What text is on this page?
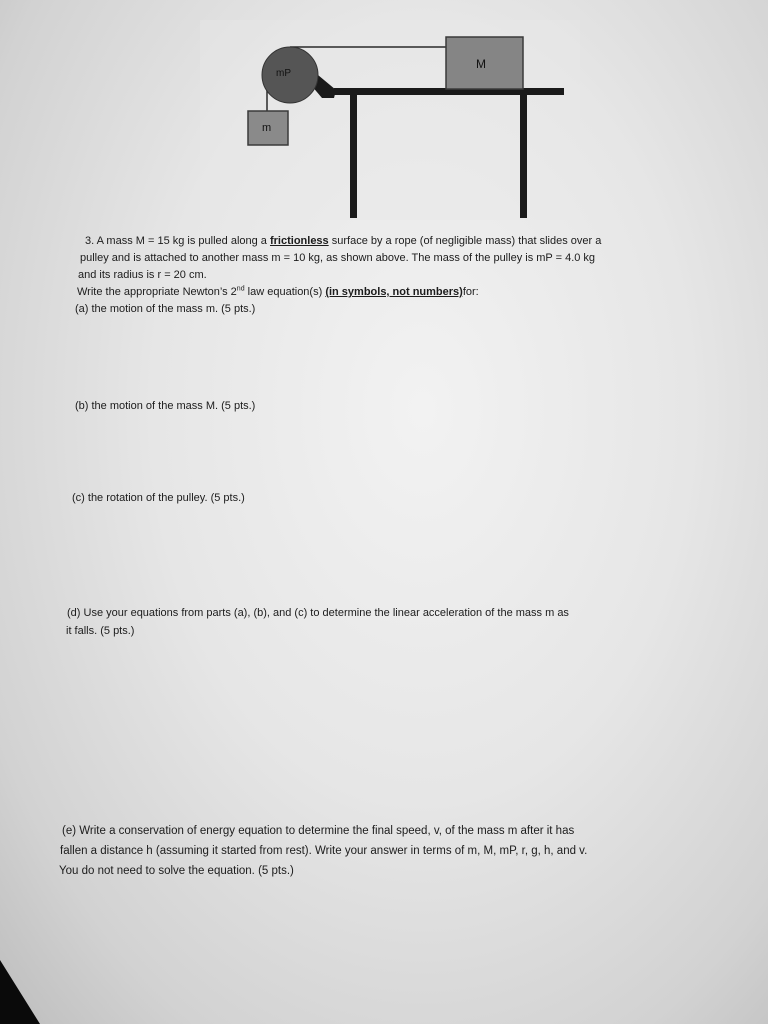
M
m
mP
3. A mass M = 15 kg is pulled along a frictionless surface by a rope (of negligible mass) that slides over a
pulley and is attached to another mass m = 10 kg, as shown above. The mass of the pulley is mP = 4.0 kg
and its radius is r = 20 cm.
Write the appropriate Newton’s 2nd law equation(s) (in symbols, not numbers)for:
(a) the motion of the mass m. (5 pts.)
(b) the motion of the mass M. (5 pts.)
(c) the rotation of the pulley. (5 pts.)
(d) Use your equations from parts (a), (b), and (c) to determine the linear acceleration of the mass m as
it falls. (5 pts.)
(e) Write a conservation of energy equation to determine the final speed, v, of the mass m after it has
fallen a distance h (assuming it started from rest). Write your answer in terms of m, M, mP, r, g, h, and v.
You do not need to solve the equation. (5 pts.)
